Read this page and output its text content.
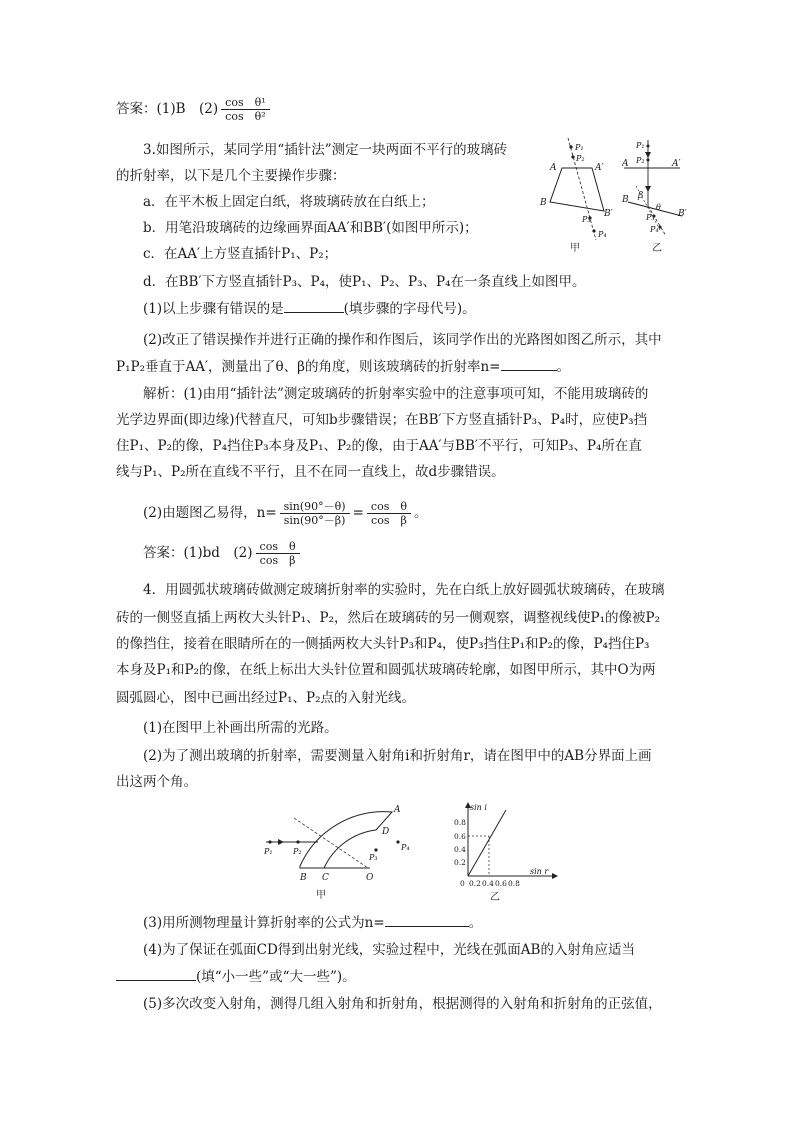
答案：(1)B　$(2) \frac{\text{cos　θ¹}}{\text{cos　θ²}}$
3.如图所示，某同学用“插针法”测定一块两面不平行的玻璃砖
的折射率，以下是几个主要操作步骤：
a．在平木板上固定白纸，将玻璃砖放在白纸上；
b．用笔沿玻璃砖的边缘画界面AA′和BB′(如图甲所示)；
c．在AA′上方竖直插针P₁、P₂；
d．在BB′下方竖直插针P₃、P₄，使P₁、P₂、P₃、P₄在一条直线上如图甲。
(1)以上步骤有错误的是	(填步骤的字母代号)。
(2)改正了错误操作并进行正确的操作和作图后，该同学作出的光路图如图乙所示，其中
P₁P₂垂直于AA′，测量出了θ、β的角度，则该玻璃砖的折射率n=	。
解析：(1)由用“插针法”测定玻璃砖的折射率实验中的注意事项可知，不能用玻璃砖的
光学边界面(即边缘)代替直尺，可知b步骤错误；在BB′下方竖直插针P₃、P₄时，应使P₃挡
住P₁、P₂的像，P₄挡住P₃本身及P₁、P₂的像，由于AA′与BB′不平行，可知P₃、P₄所在直
线与P₁、P₂所在直线不平行，且不在同一直线上，故d步骤错误。
(2)由题图乙易得，$n= \frac{\sin(90^\circ-\theta)}{\sin(90^\circ-\beta)} = \frac{\text{cos　θ}}{\text{cos　β}}$ 。
答案：(1)bd　$(2) \frac{\text{cos　θ}}{\text{cos　β}}$
4．用圆弧状玻璃砖做测定玻璃折射率的实验时，先在白纸上放好圆弧状玻璃砖，在玻璃
砖的一侧竖直插上两枚大头针P₁、P₂，然后在玻璃砖的另一侧观察，调整视线使P₁的像被P₂
的像挡住，接着在眼睛所在的一侧插两枚大头针P₃和P₄，使P₃挡住P₁和P₂的像，P₄挡住P₃
本身及P₁和P₂的像，在纸上标出大头针位置和圆弧状玻璃砖轮廓，如图甲所示，其中O为两
圆弧圆心，图中已画出经过P₁、P₂点的入射光线。
(1)在图甲上补画出所需的光路。
(2)为了测出玻璃的折射率，需要测量入射角i和折射角r，请在图甲中的AB分界面上画
出这两个角。
(3)用所测物理量计算折射率的公式为n=	。
(4)为了保证在弧面CD得到出射光线，实验过程中，光线在弧面AB的入射角应适当
(填“小一些”或“大一些”)。
(5)多次改变入射角，测得几组入射角和折射角，根据测得的入射角和折射角的正弦值，
A	A′
B
B′
P₁
P₂
P₃
P₄
甲
P₁
P₂
P₃
P₄
A	A′
B
B′
β
θ
乙
P₁	P₂
P₃
P₄
A
D
B C	O
甲
sin i
sin r
0.8
0.6
0.4
0.2
0 0.2 0.4 0.6 0.8
乙
